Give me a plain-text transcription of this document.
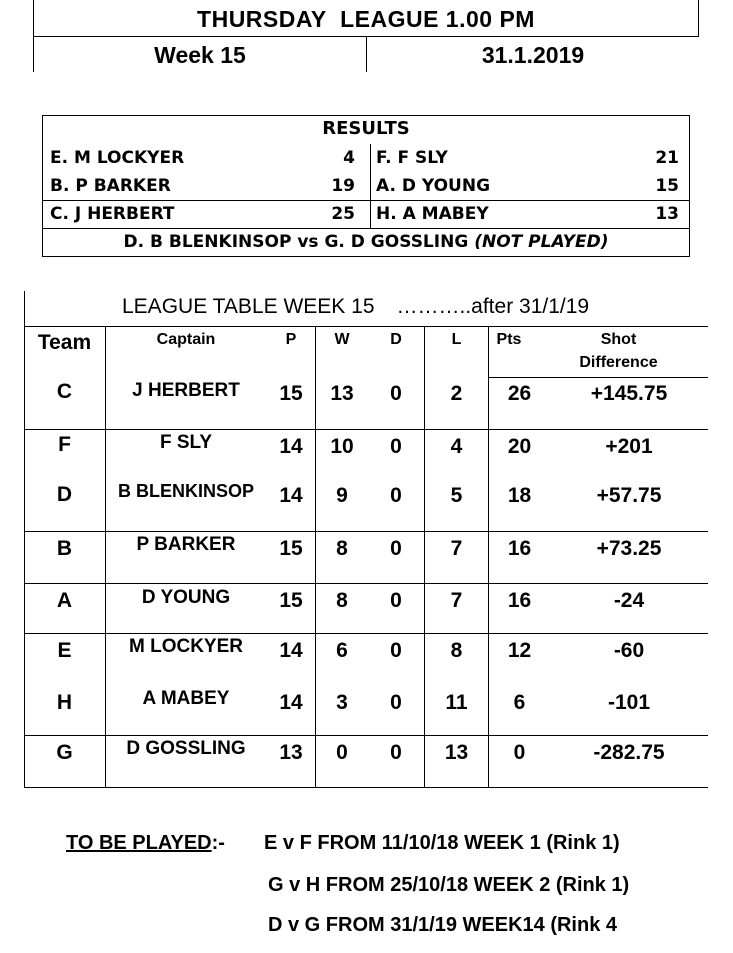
THURSDAY  LEAGUE 1.00 PM
Week 15	31.1.2019
RESULTS
E. M LOCKYER	4 F. F SLY	21
B. P BARKER	19 A. D YOUNG	15
C. J HERBERT	25 H. A MABEY	13
D. B BLENKINSOP vs G. D GOSSLING (NOT PLAYED)
LEAGUE TABLE WEEK 15 ………..after 31/1/19
Team	Captain	P	W	D	L	Pts	Shot
Difference
C	J HERBERT	15	13	0	2	26	+145.75
F	F SLY	14	10	0	4	20	+201
D	B BLENKINSOP	14	9	0	5	18	+57.75
B	P BARKER	15	8	0	7	16	+73.25
A	D YOUNG	15	8	0	7	16	-24
E	M LOCKYER	14	6	0	8	12	-60
H	A MABEY	14	3	0	11	6	-101
G	D GOSSLING	13	0	0	13	0	-282.75
TO BE PLAYED:- E v F FROM 11/10/18 WEEK 1 (Rink 1)
G v H FROM 25/10/18 WEEK 2 (Rink 1)
D v G FROM 31/1/19 WEEK14 (Rink 4
